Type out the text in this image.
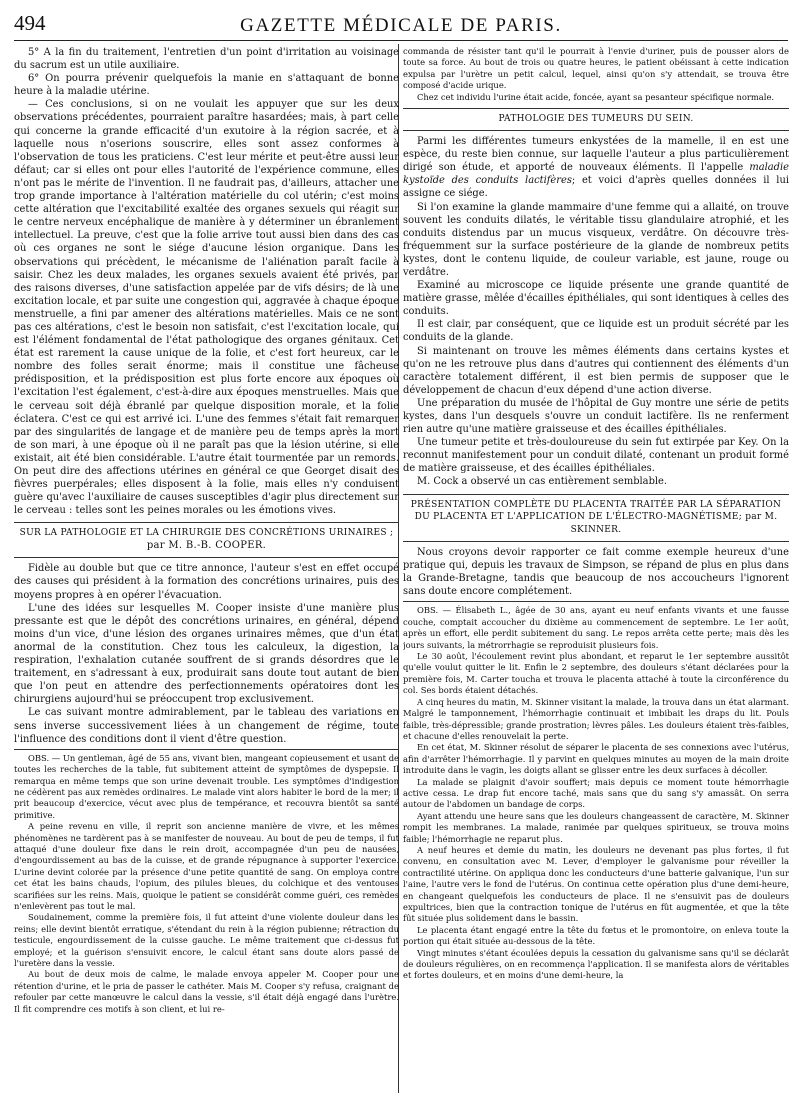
494	GAZETTE MÉDICALE DE PARIS.

5° A la fin du traitement, l'entretien d'un point d'irritation au voisinage du sacrum est un utile auxiliaire.

6° On pourra prévenir quelquefois la manie en s'attaquant de bonne heure à la maladie utérine.

— Ces conclusions, si on ne voulait les appuyer que sur les deux observations précédentes, pourraient paraître hasardées; mais, à part celle qui concerne la grande efficacité d'un exutoire à la région sacrée, et à laquelle nous n'oserions souscrire, elles sont assez conformes à l'observation de tous les praticiens. C'est leur mérite et peut-être aussi leur défaut; car si elles ont pour elles l'autorité de l'expérience commune, elles n'ont pas le mérite de l'invention. Il ne faudrait pas, d'ailleurs, attacher une trop grande importance à l'altération matérielle du col utérin; c'est moins cette altération que l'excitabilité exaltée des organes sexuels qui réagit sur le centre nerveux encéphalique de manière à y déterminer un ébranlement intellectuel. La preuve, c'est que la folie arrive tout aussi bien dans des cas où ces organes ne sont le siége d'aucune lésion organique. Dans les observations qui précèdent, le mécanisme de l'aliénation paraît facile à saisir. Chez les deux malades, les organes sexuels avaient été privés, par des raisons diverses, d'une satisfaction appelée par de vifs désirs; de là une excitation locale, et par suite une congestion qui, aggravée à chaque époque menstruelle, a fini par amener des altérations matérielles. Mais ce ne sont pas ces altérations, c'est le besoin non satisfait, c'est l'excitation locale, qui est l'élément fondamental de l'état pathologique des organes génitaux. Cet état est rarement la cause unique de la folie, et c'est fort heureux, car le nombre des folles serait énorme; mais il constitue une fâcheuse prédisposition, et la prédisposition est plus forte encore aux époques où l'excitation l'est également, c'est-à-dire aux époques menstruelles. Mais que le cerveau soit déjà ébranlé par quelque disposition morale, et la folie éclatera. C'est ce qui est arrivé ici. L'une des femmes s'était fait remarquer par des singularités de langage et de manière peu de temps après la mort de son mari, à une époque où il ne paraît pas que la lésion utérine, si elle existait, ait été bien considérable. L'autre était tourmentée par un remords. On peut dire des affections utérines en général ce que Georget disait des fièvres puerpérales; elles disposent à la folie, mais elles n'y conduisent guère qu'avec l'auxiliaire de causes susceptibles d'agir plus directement sur le cerveau : telles sont les peines morales ou les émotions vives.

SUR LA PATHOLOGIE ET LA CHIRURGIE DES CONCRÉTIONS URINAIRES ;
par M. B.-B. COOPER.

Fidèle au double but que ce titre annonce, l'auteur s'est en effet occupé des causes qui président à la formation des concrétions urinaires, puis des moyens propres à en opérer l'évacuation.

L'une des idées sur lesquelles M. Cooper insiste d'une manière plus pressante est que le dépôt des concrétions urinaires, en général, dépend moins d'un vice, d'une lésion des organes urinaires mêmes, que d'un état anormal de la constitution. Chez tous les calculeux, la digestion, la respiration, l'exhalation cutanée souffrent de si grands désordres que le traitement, en s'adressant à eux, produirait sans doute tout autant de bien que l'on peut en attendre des perfectionnements opératoires dont les chirurgiens aujourd'hui se préoccupent trop exclusivement.

Le cas suivant montre admirablement, par le tableau des variations en sens inverse successivement liées à un changement de régime, toute l'influence des conditions dont il vient d'être question.

OBS. — Un gentleman, âgé de 55 ans, vivant bien, mangeant copieusement et usant de toutes les recherches de la table, fut subitement atteint de symptômes de dyspepsie. Il remarqua en même temps que son urine devenait trouble. Les symptômes d'indigestion ne cédèrent pas aux remèdes ordinaires. Le malade vint alors habiter le bord de la mer; il prit beaucoup d'exercice, vécut avec plus de tempérance, et recouvra bientôt sa santé primitive.

A peine revenu en ville, il reprit son ancienne manière de vivre, et les mêmes phénomènes ne tardèrent pas à se manifester de nouveau. Au bout de peu de temps, il fut attaqué d'une douleur fixe dans le rein droit, accompagnée d'un peu de nausées, d'engourdissement au bas de la cuisse, et de grande répugnance à supporter l'exercice. L'urine devint colorée par la présence d'une petite quantité de sang. On employa contre cet état les bains chauds, l'opium, des pilules bleues, du colchique et des ventouses scarifiées sur les reins. Mais, quoique le patient se considérât comme guéri, ces remèdes n'enlevèrent pas tout le mal.

Soudainement, comme la première fois, il fut atteint d'une violente douleur dans les reins; elle devint bientôt erratique, s'étendant du rein à la région pubienne; rétraction du testicule, engourdissement de la cuisse gauche. Le même traitement que ci-dessus fut employé; et la guérison s'ensuivit encore, le calcul étant sans doute alors passé de l'uretère dans la vessie.

Au bout de deux mois de calme, le malade envoya appeler M. Cooper pour une rétention d'urine, et le pria de passer le cathéter. Mais M. Cooper s'y refusa, craignant de refouler par cette manœuvre le calcul dans la vessie, s'il était déjà engagé dans l'urètre. Il fit comprendre ces motifs à son client, et lui re-

commanda de résister tant qu'il le pourrait à l'envie d'uriner, puis de pousser alors de toute sa force. Au bout de trois ou quatre heures, le patient obéissant à cette indication expulsa par l'urètre un petit calcul, lequel, ainsi qu'on s'y attendait, se trouva être composé d'acide urique.

Chez cet individu l'urine était acide, foncée, ayant sa pesanteur spécifique normale.

PATHOLOGIE DES TUMEURS DU SEIN.

Parmi les différentes tumeurs enkystées de la mamelle, il en est une espèce, du reste bien connue, sur laquelle l'auteur a plus particulièrement dirigé son étude, et apporté de nouveaux éléments. Il l'appelle maladie kystoïde des conduits lactifères; et voici d'après quelles données il lui assigne ce siége.

Si l'on examine la glande mammaire d'une femme qui a allaité, on trouve souvent les conduits dilatés, le véritable tissu glandulaire atrophié, et les conduits distendus par un mucus visqueux, verdâtre. On découvre très-fréquemment sur la surface postérieure de la glande de nombreux petits kystes, dont le contenu liquide, de couleur variable, est jaune, rouge ou verdâtre.

Examiné au microscope ce liquide présente une grande quantité de matière grasse, mêlée d'écailles épithéliales, qui sont identiques à celles des conduits.

Il est clair, par conséquent, que ce liquide est un produit sécrété par les conduits de la glande.

Si maintenant on trouve les mêmes éléments dans certains kystes et qu'on ne les retrouve plus dans d'autres qui contiennent des éléments d'un caractère totalement différent, il est bien permis de supposer que le développement de chacun d'eux dépend d'une action diverse.

Une préparation du musée de l'hôpital de Guy montre une série de petits kystes, dans l'un desquels s'ouvre un conduit lactifère. Ils ne renferment rien autre qu'une matière graisseuse et des écailles épithéliales.

Une tumeur petite et très-douloureuse du sein fut extirpée par Key. On la reconnut manifestement pour un conduit dilaté, contenant un produit formé de matière graisseuse, et des écailles épithéliales.

M. Cock a observé un cas entièrement semblable.

PRÉSENTATION COMPLÈTE DU PLACENTA TRAITÉE PAR LA SÉPARATION DU PLACENTA ET L'APPLICATION DE L'ÉLECTRO-MAGNÉTISME; par M. SKINNER.

Nous croyons devoir rapporter ce fait comme exemple heureux d'une pratique qui, depuis les travaux de Simpson, se répand de plus en plus dans la Grande-Bretagne, tandis que beaucoup de nos accoucheurs l'ignorent sans doute encore complétement.

OBS. — Élisabeth L., âgée de 30 ans, ayant eu neuf enfants vivants et une fausse couche, comptait accoucher du dixième au commencement de septembre. Le 1er août, après un effort, elle perdit subitement du sang. Le repos arrêta cette perte; mais dès les jours suivants, la métrorrhagie se reproduisit plusieurs fois.

Le 30 août, l'écoulement revint plus abondant, et reparut le 1er septembre aussitôt qu'elle voulut quitter le lit. Enfin le 2 septembre, des douleurs s'étant déclarées pour la première fois, M. Carter toucha et trouva le placenta attaché à toute la circonférence du col. Ses bords étaient détachés.

A cinq heures du matin, M. Skinner visitant la malade, la trouva dans un état alarmant. Malgré le tamponnement, l'hémorrhagie continuait et imbibait les draps du lit. Pouls faible, très-dépressible; grande prostration; lèvres pâles. Les douleurs étaient très-faibles, et chacune d'elles renouvelait la perte.

En cet état, M. Skinner résolut de séparer le placenta de ses connexions avec l'utérus, afin d'arrêter l'hémorrhagie. Il y parvint en quelques minutes au moyen de la main droite introduite dans le vagin, les doigts allant se glisser entre les deux surfaces à décoller.

La malade se plaignit d'avoir souffert; mais depuis ce moment toute hémorrhagie active cessa. Le drap fut encore taché, mais sans que du sang s'y amassât. On serra autour de l'abdomen un bandage de corps.

Ayant attendu une heure sans que les douleurs changeassent de caractère, M. Skinner rompit les membranes. La malade, ranimée par quelques spiritueux, se trouva moins faible; l'hémorrhagie ne reparut plus.

A neuf heures et demie du matin, les douleurs ne devenant pas plus fortes, il fut convenu, en consultation avec M. Lever, d'employer le galvanisme pour réveiller la contractilité utérine. On appliqua donc les conducteurs d'une batterie galvanique, l'un sur l'aine, l'autre vers le fond de l'utérus. On continua cette opération plus d'une demi-heure, en changeant quelquefois les conducteurs de place. Il ne s'ensuivit pas de douleurs expultrices, bien que la contraction tonique de l'utérus en fût augmentée, et que la tête fût située plus solidement dans le bassin.

Le placenta étant engagé entre la tête du fœtus et le promontoire, on enleva toute la portion qui était située au-dessous de la tête.

Vingt minutes s'étant écoulées depuis la cessation du galvanisme sans qu'il se déclarât de douleurs régulières, on en recommença l'application. Il se manifesta alors de véritables et fortes douleurs, et en moins d'une demi-heure, la
